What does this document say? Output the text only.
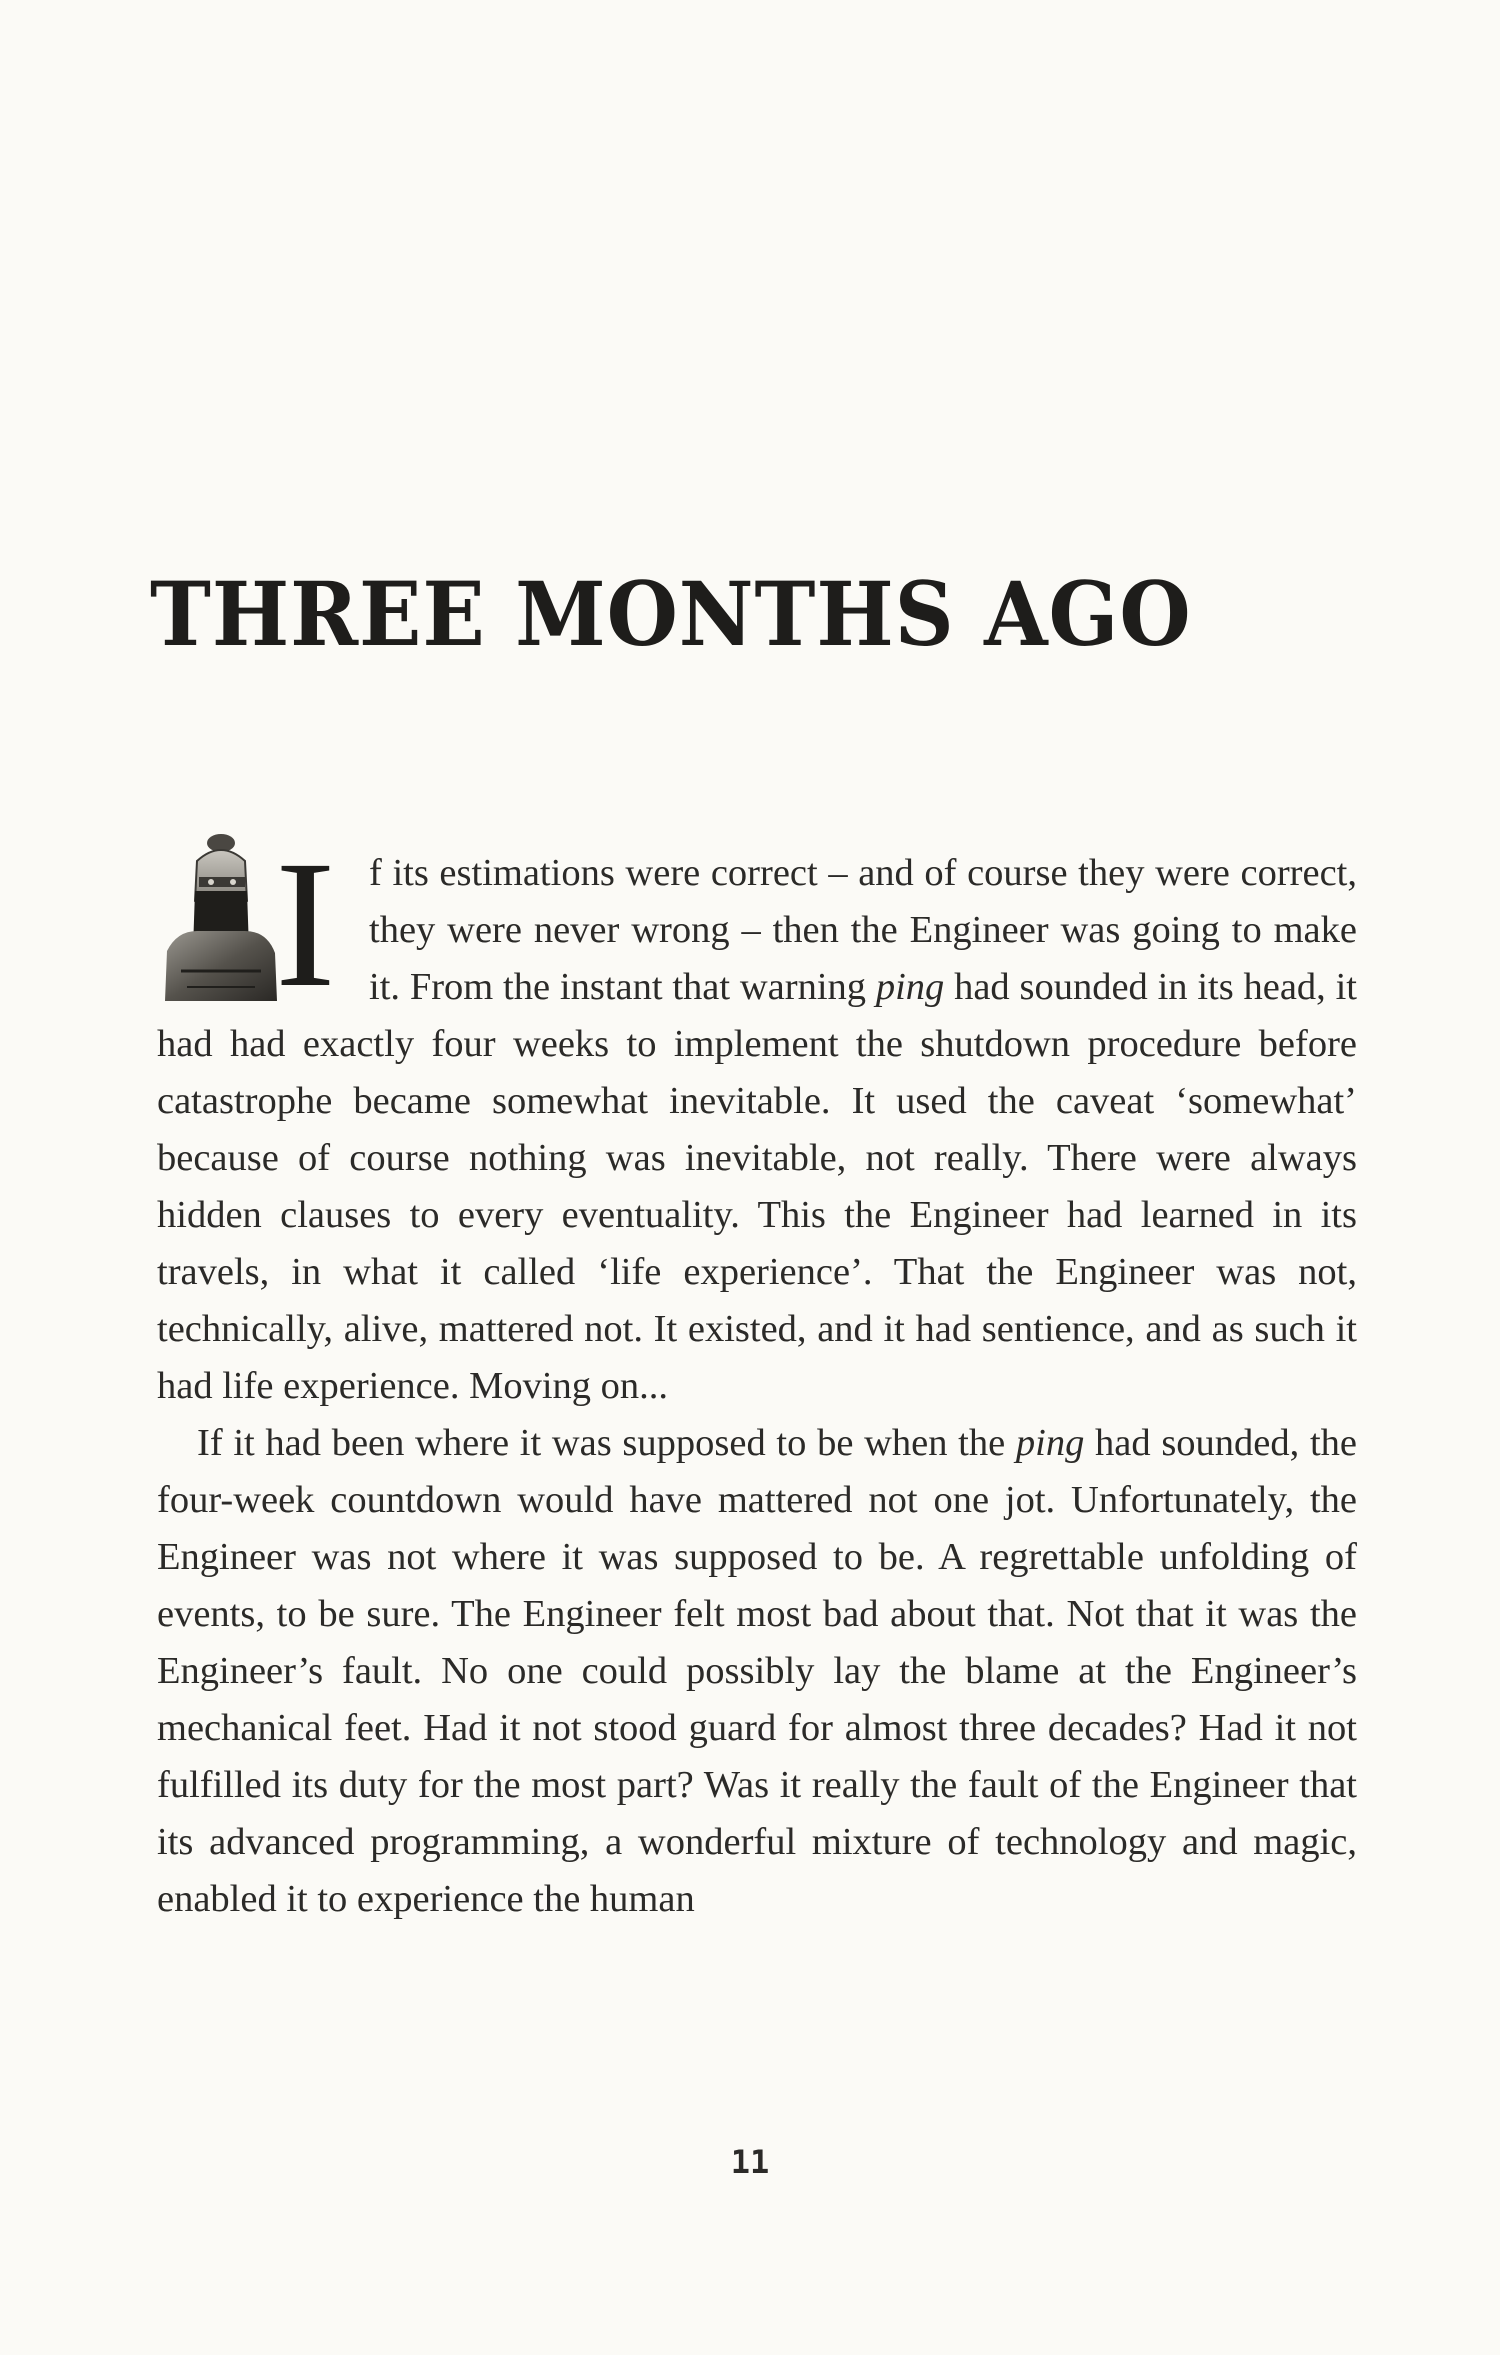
THREE MONTHS AGO

I f its estimations were correct – and of course they were correct, they were never wrong – then the Engineer was going to make it. From the instant that warning ping had sounded in its head, it had had exactly four weeks to implement the shutdown procedure before catastrophe became somewhat inevitable. It used the caveat ‘somewhat’ because of course nothing was inevitable, not really. There were always hidden clauses to every eventuality. This the Engineer had learned in its travels, in what it called ‘life experience’. That the Engineer was not, technically, alive, mattered not. It existed, and it had sentience, and as such it had life experience. Moving on...

If it had been where it was supposed to be when the ping had sounded, the four-week countdown would have mattered not one jot. Unfortunately, the Engineer was not where it was supposed to be. A regrettable unfolding of events, to be sure. The Engineer felt most bad about that. Not that it was the Engineer’s fault. No one could possibly lay the blame at the Engineer’s mechanical feet. Had it not stood guard for almost three decades? Had it not fulfilled its duty for the most part? Was it really the fault of the Engineer that its advanced programming, a wonderful mixture of technology and magic, enabled it to experience the human

11
